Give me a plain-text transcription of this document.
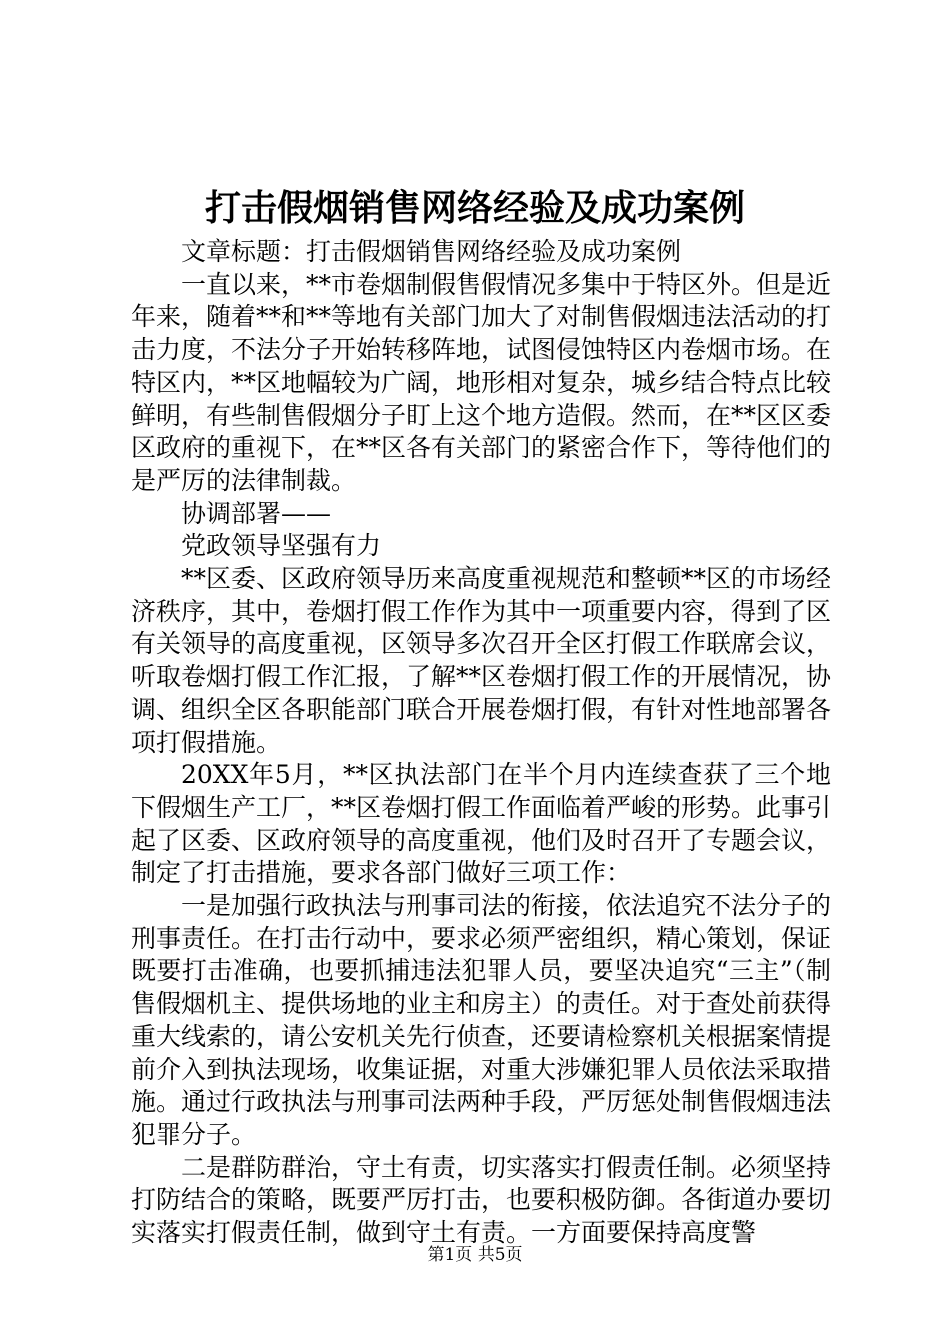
打击假烟销售网络经验及成功案例

文章标题：打击假烟销售网络经验及成功案例

一直以来，**市卷烟制假售假情况多集中于特区外。但是近年来，随着**和**等地有关部门加大了对制售假烟违法活动的打击力度，不法分子开始转移阵地，试图侵蚀特区内卷烟市场。在特区内，**区地幅较为广阔，地形相对复杂，城乡结合特点比较鲜明，有些制售假烟分子盯上这个地方造假。然而，在**区区委区政府的重视下，在**区各有关部门的紧密合作下，等待他们的是严厉的法律制裁。

协调部署——

党政领导坚强有力

**区委、区政府领导历来高度重视规范和整顿**区的市场经济秩序，其中，卷烟打假工作作为其中一项重要内容，得到了区有关领导的高度重视，区领导多次召开全区打假工作联席会议，听取卷烟打假工作汇报，了解**区卷烟打假工作的开展情况，协调、组织全区各职能部门联合开展卷烟打假，有针对性地部署各项打假措施。

20XX年5月，**区执法部门在半个月内连续查获了三个地下假烟生产工厂，**区卷烟打假工作面临着严峻的形势。此事引起了区委、区政府领导的高度重视，他们及时召开了专题会议，制定了打击措施，要求各部门做好三项工作：

一是加强行政执法与刑事司法的衔接，依法追究不法分子的刑事责任。在打击行动中，要求必须严密组织，精心策划，保证既要打击准确，也要抓捕违法犯罪人员，要坚决追究“三主”（制售假烟机主、提供场地的业主和房主）的责任。对于查处前获得重大线索的，请公安机关先行侦查，还要请检察机关根据案情提前介入到执法现场，收集证据，对重大涉嫌犯罪人员依法采取措施。通过行政执法与刑事司法两种手段，严厉惩处制售假烟违法犯罪分子。

二是群防群治，守土有责，切实落实打假责任制。必须坚持打防结合的策略，既要严厉打击，也要积极防御。各街道办要切实落实打假责任制，做到守土有责。一方面要保持高度警

第1页 共5页
